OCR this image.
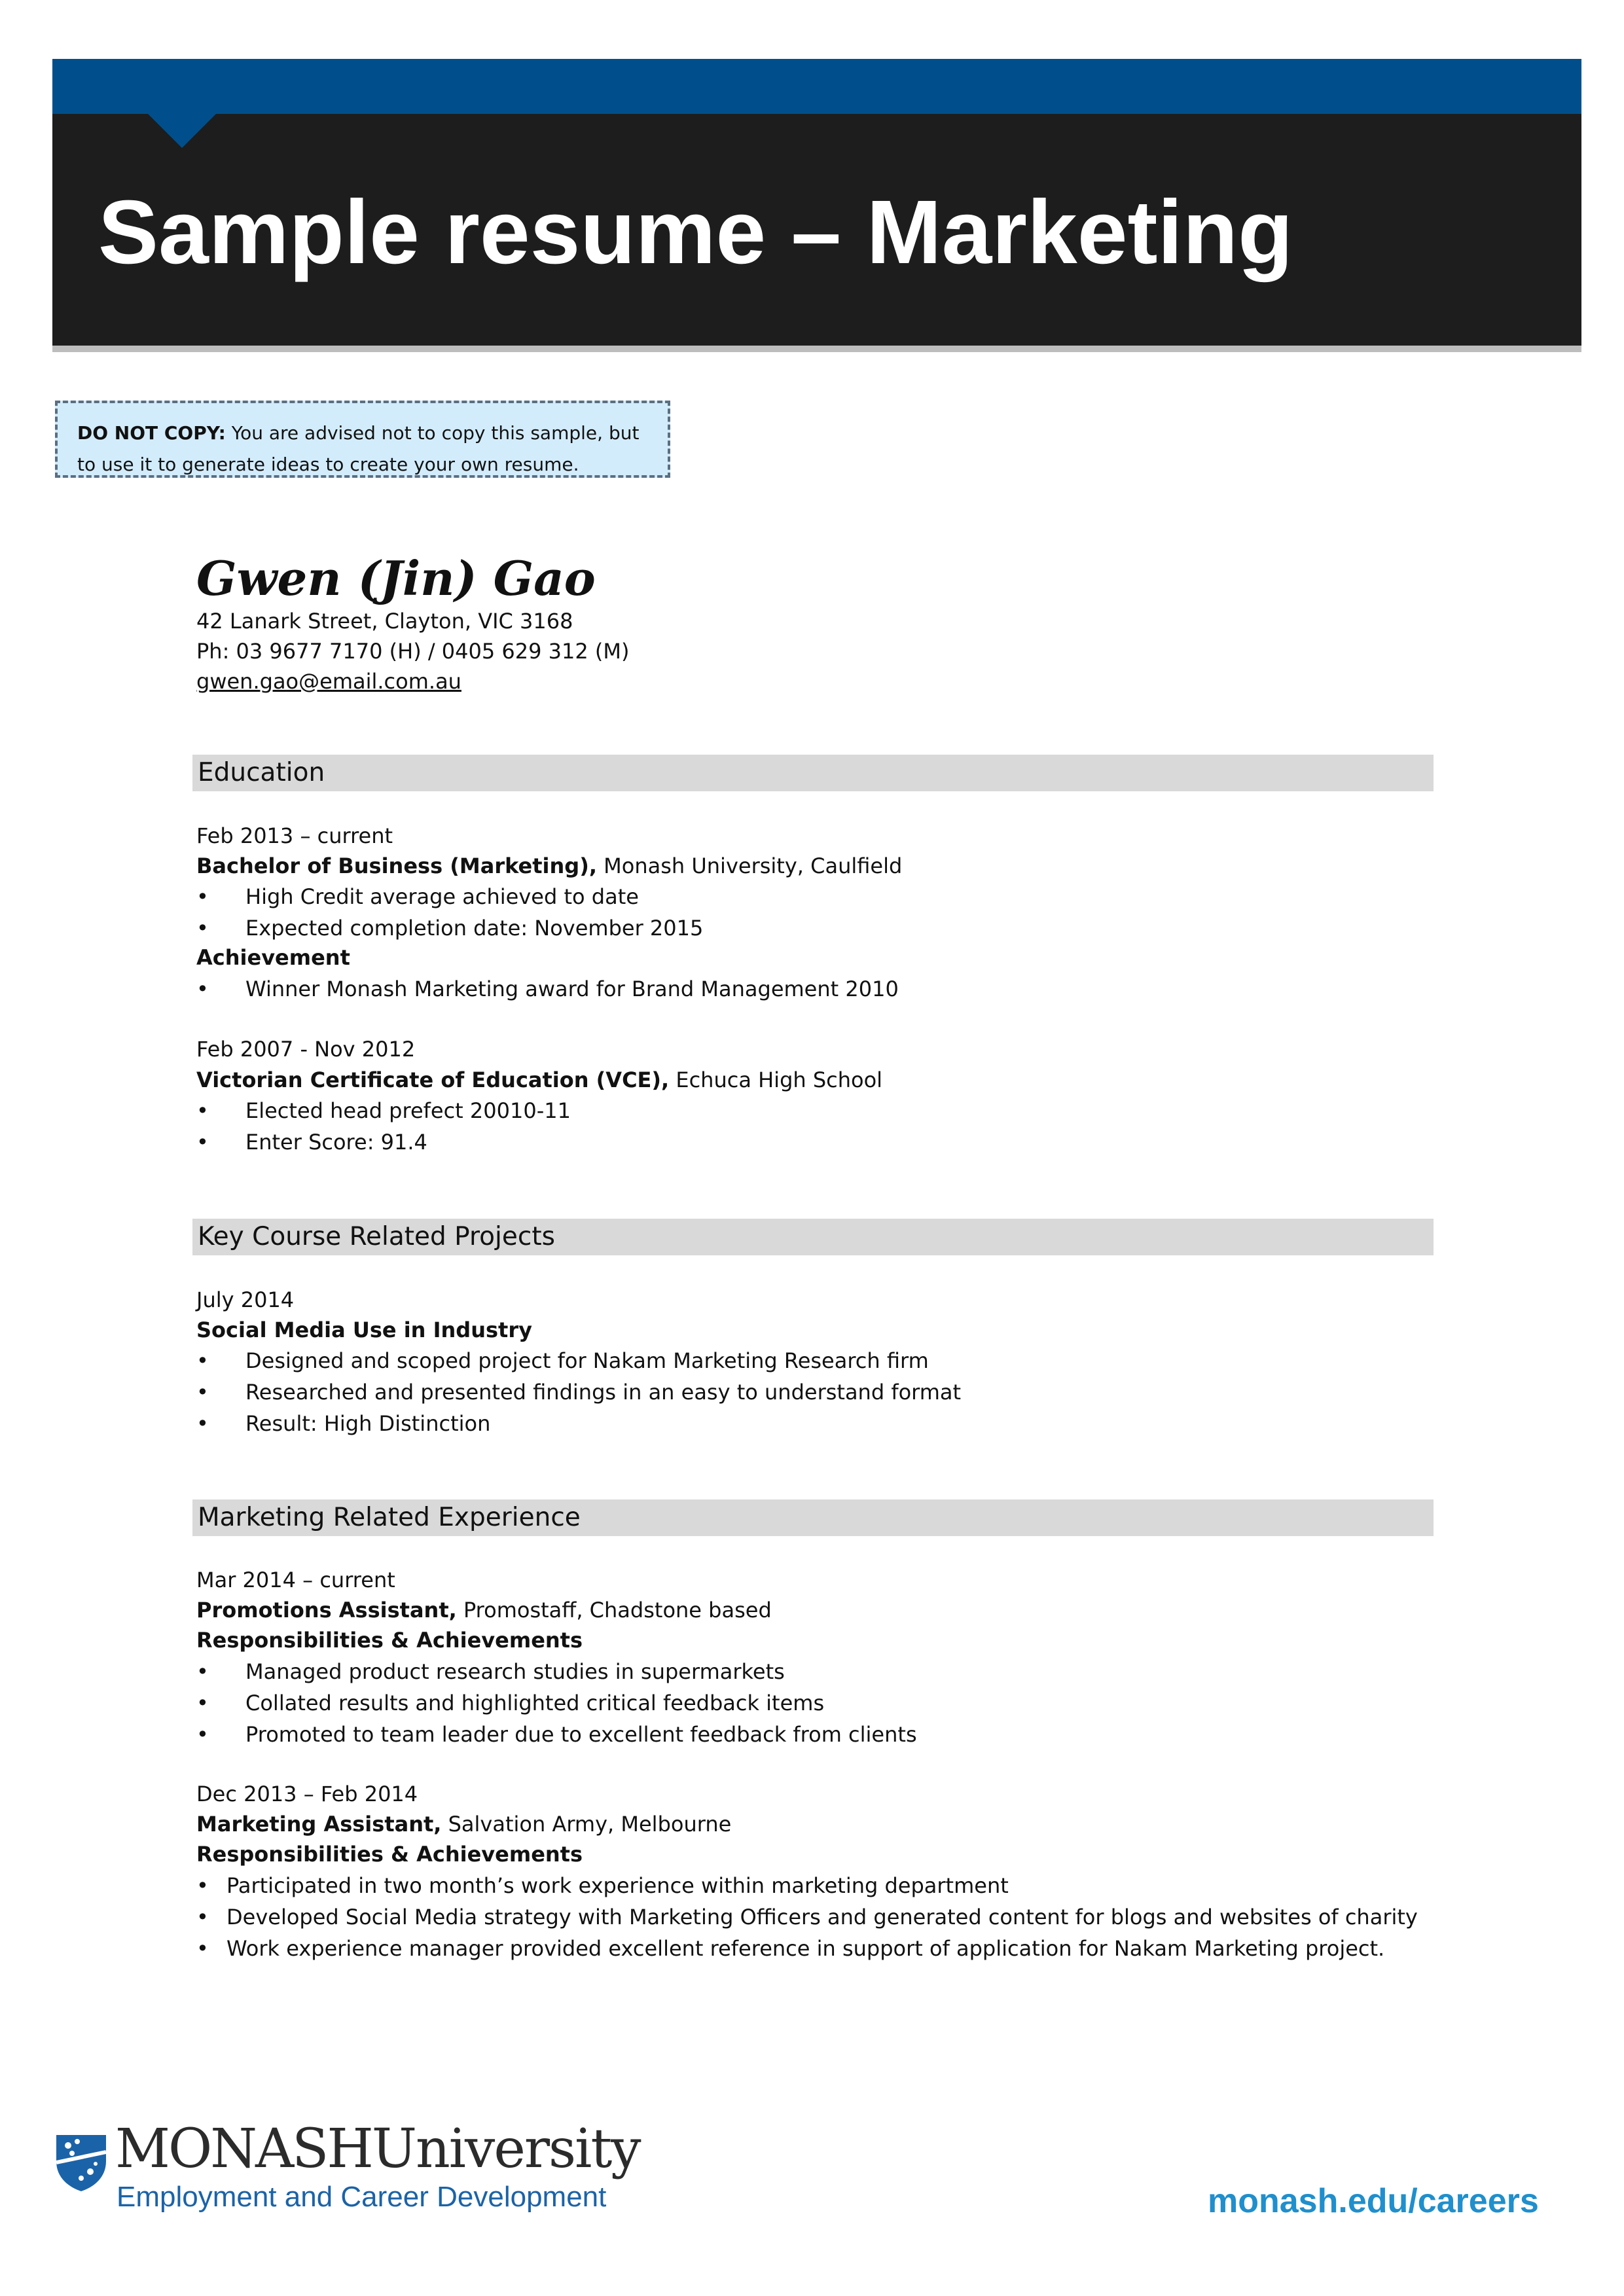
Sample resume – Marketing
DO NOT COPY: You are advised not to copy this sample, but to use it to generate ideas to create your own resume.
Gwen (Jin) Gao
42 Lanark Street, Clayton, VIC 3168
Ph: 03 9677 7170 (H) / 0405 629 312 (M)
gwen.gao@email.com.au
Education
Feb 2013 – current
Bachelor of Business (Marketing), Monash University, Caulfield
• High Credit average achieved to date
• Expected completion date: November 2015
Achievement
• Winner Monash Marketing award for Brand Management 2010
Feb 2007 - Nov 2012
Victorian Certificate of Education (VCE), Echuca High School
• Elected head prefect 20010-11
• Enter Score: 91.4
Key Course Related Projects
July 2014
Social Media Use in Industry
• Designed and scoped project for Nakam Marketing Research firm
• Researched and presented findings in an easy to understand format
• Result: High Distinction
Marketing Related Experience
Mar 2014 – current
Promotions Assistant, Promostaff, Chadstone based
Responsibilities & Achievements
• Managed product research studies in supermarkets
• Collated results and highlighted critical feedback items
• Promoted to team leader due to excellent feedback from clients
Dec 2013 – Feb 2014
Marketing Assistant, Salvation Army, Melbourne
Responsibilities & Achievements
• Participated in two month’s work experience within marketing department
• Developed Social Media strategy with Marketing Officers and generated content for blogs and websites of charity
• Work experience manager provided excellent reference in support of application for Nakam Marketing project.
MONASHUniversity
Employment and Career Development	monash.edu/careers
